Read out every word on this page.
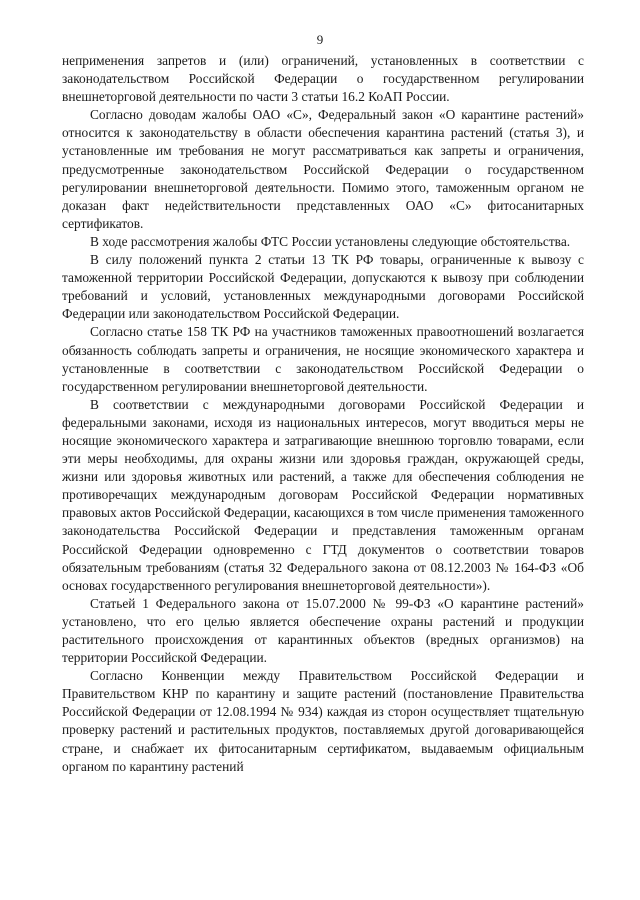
9

неприменения запретов и (или) ограничений, установленных в соответствии с законодательством Российской Федерации о государственном регулировании внешнеторговой деятельности по части 3 статьи 16.2 КоАП России.

Согласно доводам жалобы ОАО «С», Федеральный закон «О карантине растений» относится к законодательству в области обеспечения карантина растений (статья 3), и установленные им требования не могут рассматриваться как запреты и ограничения, предусмотренные законодательством Российской Федерации о государственном регулировании внешнеторговой деятельности. Помимо этого, таможенным органом не доказан факт недействительности представленных ОАО «С» фитосанитарных сертификатов.

В ходе рассмотрения жалобы ФТС России установлены следующие обстоятельства.

В силу положений пункта 2 статьи 13 ТК РФ товары, ограниченные к вывозу с таможенной территории Российской Федерации, допускаются к вывозу при соблюдении требований и условий, установленных международными договорами Российской Федерации или законодательством Российской Федерации.

Согласно статье 158 ТК РФ на участников таможенных правоотношений возлагается обязанность соблюдать запреты и ограничения, не носящие экономического характера и установленные в соответствии с законодательством Российской Федерации о государственном регулировании внешнеторговой деятельности.

В соответствии с международными договорами Российской Федерации и федеральными законами, исходя из национальных интересов, могут вводиться меры не носящие экономического характера и затрагивающие внешнюю торговлю товарами, если эти меры необходимы, для охраны жизни или здоровья граждан, окружающей среды, жизни или здоровья животных или растений, а также для обеспечения соблюдения не противоречащих международным договорам Российской Федерации нормативных правовых актов Российской Федерации, касающихся в том числе применения таможенного законодательства Российской Федерации и представления таможенным органам Российской Федерации одновременно с ГТД документов о соответствии товаров обязательным требованиям (статья 32 Федерального закона от 08.12.2003 № 164-ФЗ «Об основах государственного регулирования внешнеторговой деятельности»).

Статьей 1 Федерального закона от 15.07.2000 № 99-ФЗ «О карантине растений» установлено, что его целью является обеспечение охраны растений и продукции растительного происхождения от карантинных объектов (вредных организмов) на территории Российской Федерации.

Согласно Конвенции между Правительством Российской Федерации и Правительством КНР по карантину и защите растений (постановление Правительства Российской Федерации от 12.08.1994 № 934) каждая из сторон осуществляет тщательную проверку растений и растительных продуктов, поставляемых другой договаривающейся стране, и снабжает их фитосанитарным сертификатом, выдаваемым официальным органом по карантину растений
